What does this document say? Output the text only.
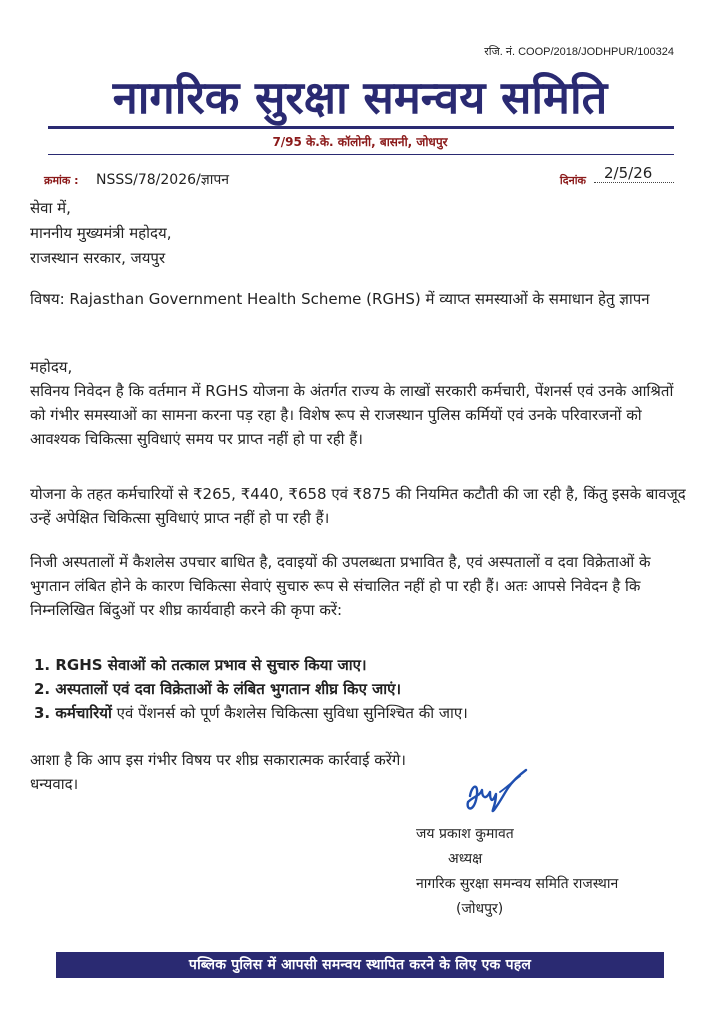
रजि. नं. COOP/2018/JODHPUR/100324
नागरिक सुरक्षा समन्वय समिति
7/95 के.के. कॉलोनी, बासनी, जोधपुर
क्रमांक : NSSS/78/2026/ज्ञापन	दिनांक	2/5/26
सेवा में,
माननीय मुख्यमंत्री महोदय,
राजस्थान सरकार, जयपुर
विषय: Rajasthan Government Health Scheme (RGHS) में व्याप्त समस्याओं के समाधान हेतु ज्ञापन
महोदय,
सविनय निवेदन है कि वर्तमान में RGHS योजना के अंतर्गत राज्य के लाखों सरकारी कर्मचारी, पेंशनर्स एवं उनके आश्रितों को गंभीर समस्याओं का सामना करना पड़ रहा है। विशेष रूप से राजस्थान पुलिस कर्मियों एवं उनके परिवारजनों को आवश्यक चिकित्सा सुविधाएं समय पर प्राप्त नहीं हो पा रही हैं।
योजना के तहत कर्मचारियों से ₹265, ₹440, ₹658 एवं ₹875 की नियमित कटौती की जा रही है, किंतु इसके बावजूद उन्हें अपेक्षित चिकित्सा सुविधाएं प्राप्त नहीं हो पा रही हैं।
निजी अस्पतालों में कैशलेस उपचार बाधित है, दवाइयों की उपलब्धता प्रभावित है, एवं अस्पतालों व दवा विक्रेताओं के भुगतान लंबित होने के कारण चिकित्सा सेवाएं सुचारु रूप से संचालित नहीं हो पा रही हैं। अतः आपसे निवेदन है कि निम्नलिखित बिंदुओं पर शीघ्र कार्यवाही करने की कृपा करें:
1. RGHS सेवाओं को तत्काल प्रभाव से सुचारु किया जाए।
2. अस्पतालों एवं दवा विक्रेताओं के लंबित भुगतान शीघ्र किए जाएं।
3. कर्मचारियों एवं पेंशनर्स को पूर्ण कैशलेस चिकित्सा सुविधा सुनिश्चित की जाए।
आशा है कि आप इस गंभीर विषय पर शीघ्र सकारात्मक कार्रवाई करेंगे।
धन्यवाद।
जय प्रकाश कुमावत
अध्यक्ष
नागरिक सुरक्षा समन्वय समिति राजस्थान
(जोधपुर)
पब्लिक पुलिस में आपसी समन्वय स्थापित करने के लिए एक पहल
